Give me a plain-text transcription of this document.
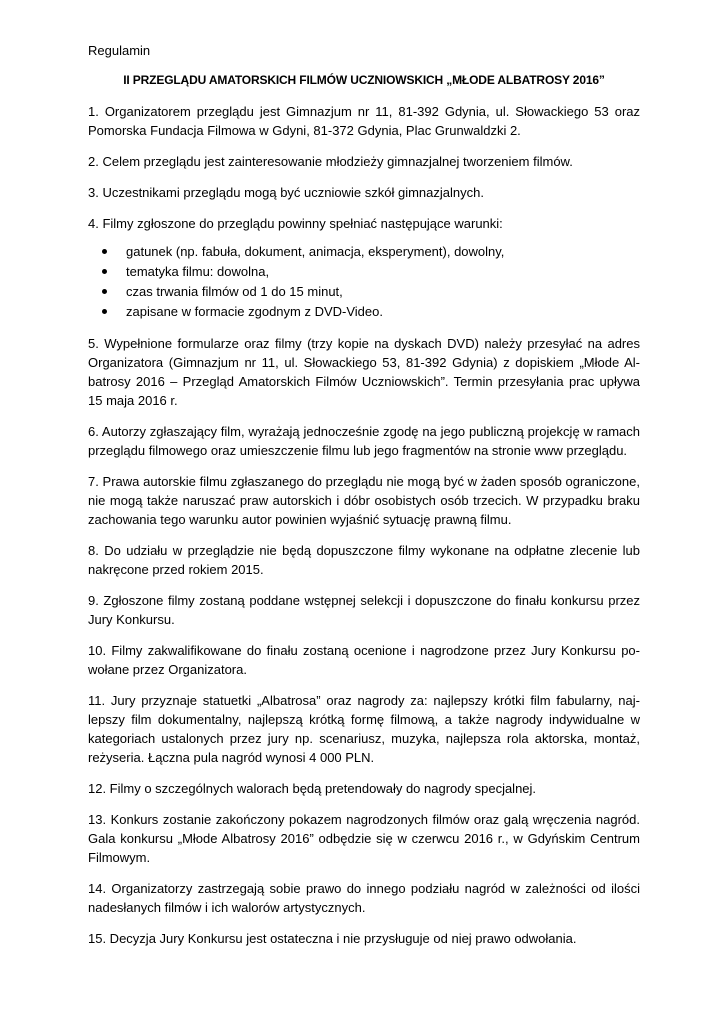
Regulamin

II PRZEGLĄDU AMATORSKICH FILMÓW UCZNIOWSKICH „MŁODE ALBATROSY 2016”

1. Organizatorem przeglądu jest Gimnazjum nr 11, 81-392 Gdynia, ul. Słowackiego 53 oraz Pomorska Fundacja Filmowa w Gdyni, 81-372 Gdynia, Plac Grunwaldzki 2.

2. Celem przeglądu jest zainteresowanie młodzieży gimnazjalnej tworzeniem filmów.

3. Uczestnikami przeglądu mogą być uczniowie szkół gimnazjalnych.

4. Filmy zgłoszone do przeglądu powinny spełniać następujące warunki:

gatunek (np. fabuła, dokument, animacja, eksperyment), dowolny,
tematyka filmu: dowolna,
czas trwania filmów od 1 do 15 minut,
zapisane w formacie zgodnym z DVD-Video.

5. Wypełnione formularze oraz filmy (trzy kopie na dyskach DVD) należy przesyłać na adres Organizatora (Gimnazjum nr 11, ul. Słowackiego 53, 81-392 Gdynia) z dopiskiem „Młode Albatrosy 2016 – Przegląd Amatorskich Filmów Uczniowskich”. Termin przesyłania prac upływa 15 maja 2016 r.

6. Autorzy zgłaszający film, wyrażają jednocześnie zgodę na jego publiczną projekcję w ramach przeglądu filmowego oraz umieszczenie filmu lub jego fragmentów na stronie www przeglądu.

7. Prawa autorskie filmu zgłaszanego do przeglądu nie mogą być w żaden sposób ograniczone, nie mogą także naruszać praw autorskich i dóbr osobistych osób trzecich. W przypadku braku zachowania tego warunku autor powinien wyjaśnić sytuację prawną filmu.

8. Do udziału w przeglądzie nie będą dopuszczone filmy wykonane na odpłatne zlecenie lub nakręcone przed rokiem 2015.

9. Zgłoszone filmy zostaną poddane wstępnej selekcji i dopuszczone do finału konkursu przez Jury Konkursu.

10. Filmy zakwalifikowane do finału zostaną ocenione i nagrodzone przez Jury Konkursu powołane przez Organizatora.

11. Jury przyznaje statuetki „Albatrosa” oraz nagrody za: najlepszy krótki film fabularny, najlepszy film dokumentalny, najlepszą krótką formę filmową, a także nagrody indywidualne w kategoriach ustalonych przez jury np. scenariusz, muzyka, najlepsza rola aktorska, montaż, reżyseria. Łączna pula nagród wynosi 4 000 PLN.

12. Filmy o szczególnych walorach będą pretendowały do nagrody specjalnej.

13. Konkurs zostanie zakończony pokazem nagrodzonych filmów oraz galą wręczenia nagród. Gala konkursu „Młode Albatrosy 2016” odbędzie się w czerwcu 2016 r., w Gdyńskim Centrum Filmowym.

14. Organizatorzy zastrzegają sobie prawo do innego podziału nagród w zależności od ilości nadesłanych filmów i ich walorów artystycznych.

15. Decyzja Jury Konkursu jest ostateczna i nie przysługuje od niej prawo odwołania.
